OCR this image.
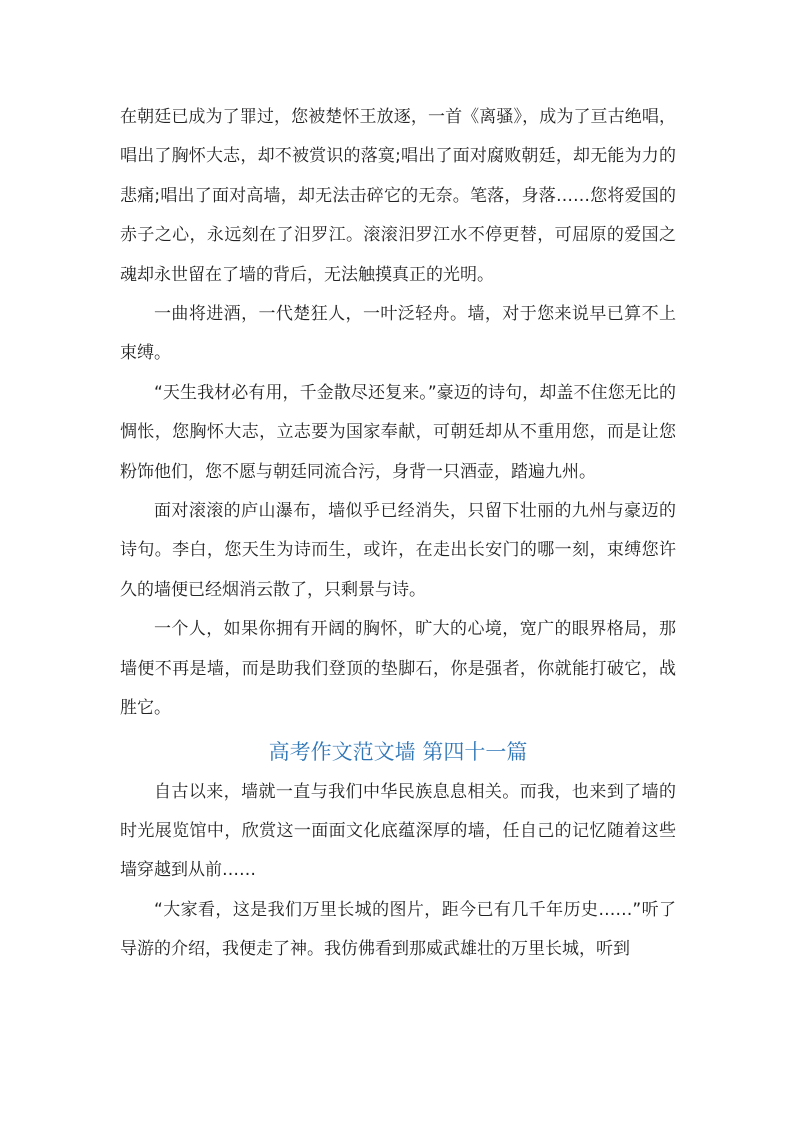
在朝廷已成为了罪过，您被楚怀王放逐，一首《离骚》，成为了亘古绝唱，唱出了胸怀大志，却不被赏识的落寞;唱出了面对腐败朝廷，却无能为力的悲痛;唱出了面对高墙，却无法击碎它的无奈。笔落，身落……您将爱国的赤子之心，永远刻在了汨罗江。滚滚汨罗江水不停更替，可屈原的爱国之魂却永世留在了墙的背后，无法触摸真正的光明。

一曲将进酒，一代楚狂人，一叶泛轻舟。墙，对于您来说早已算不上束缚。

“天生我材必有用，千金散尽还复来。”豪迈的诗句，却盖不住您无比的惆怅，您胸怀大志，立志要为国家奉献，可朝廷却从不重用您，而是让您粉饰他们，您不愿与朝廷同流合污，身背一只酒壶，踏遍九州。

面对滚滚的庐山瀑布，墙似乎已经消失，只留下壮丽的九州与豪迈的诗句。李白，您天生为诗而生，或许，在走出长安门的哪一刻，束缚您许久的墙便已经烟消云散了，只剩景与诗。

一个人，如果你拥有开阔的胸怀，旷大的心境，宽广的眼界格局，那墙便不再是墙，而是助我们登顶的垫脚石，你是强者，你就能打破它，战胜它。

高考作文范文墙 第四十一篇

自古以来，墙就一直与我们中华民族息息相关。而我，也来到了墙的时光展览馆中，欣赏这一面面文化底蕴深厚的墙，任自己的记忆随着这些墙穿越到从前……

“大家看，这是我们万里长城的图片，距今已有几千年历史……”听了导游的介绍，我便走了神。我仿佛看到那威武雄壮的万里长城，听到
